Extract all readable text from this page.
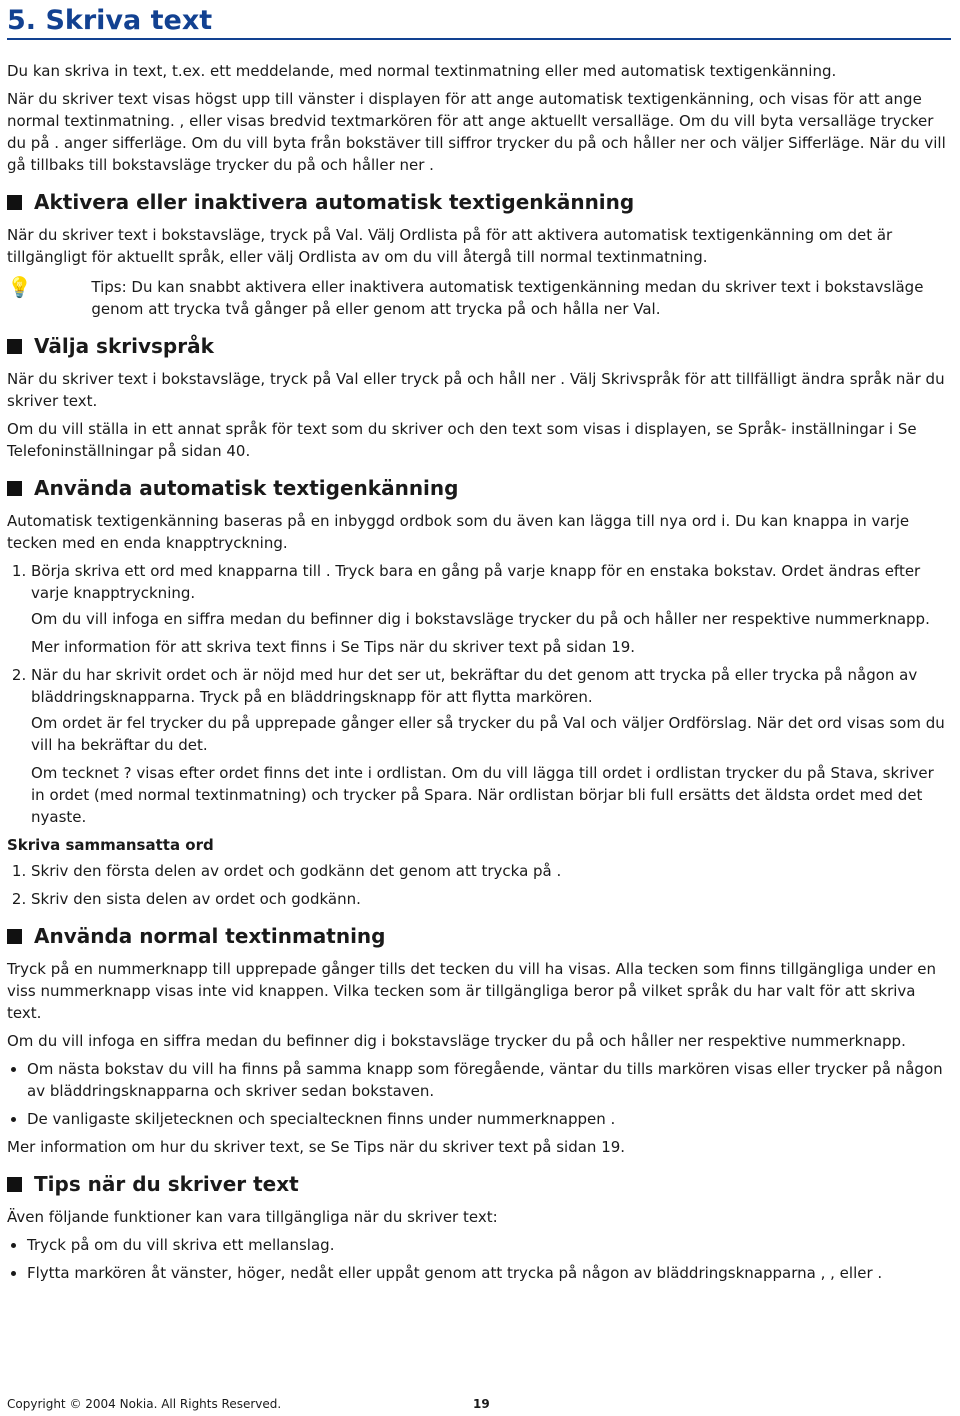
5. Skriva text

Du kan skriva in text, t.ex. ett meddelande, med normal textinmatning eller med automatisk textigenkänning.

När du skriver text visas högst upp till vänster i displayen för att ange automatisk textigenkänning, och visas för att ange normal textinmatning. , eller visas bredvid textmarkören för att ange aktuellt versalläge. Om du vill byta versalläge trycker du på . anger sifferläge. Om du vill byta från bokstäver till siffror trycker du på och håller ner och väljer Sifferläge. När du vill gå tillbaks till bokstavsläge trycker du på och håller ner .

Aktivera eller inaktivera automatisk textigenkänning

När du skriver text i bokstavsläge, tryck på Val. Välj Ordlista på för att aktivera automatisk textigenkänning om det är tillgängligt för aktuellt språk, eller välj Ordlista av om du vill återgå till normal textinmatning.

💡	Tips: Du kan snabbt aktivera eller inaktivera automatisk textigenkänning medan du skriver text i bokstavsläge genom att trycka två gånger på eller genom att trycka på och hålla ner Val.
Välja skrivspråk

När du skriver text i bokstavsläge, tryck på Val eller tryck på och håll ner . Välj Skrivspråk för att tillfälligt ändra språk när du skriver text.

Om du vill ställa in ett annat språk för text som du skriver och den text som visas i displayen, se Språk- inställningar i Se Telefoninställningar på sidan 40.

Använda automatisk textigenkänning

Automatisk textigenkänning baseras på en inbyggd ordbok som du även kan lägga till nya ord i. Du kan knappa in varje tecken med en enda knapptryckning.

1. Börja skriva ett ord med knapparna till . Tryck bara en gång på varje knapp för en enstaka bokstav. Ordet ändras efter varje knapptryckning.

Om du vill infoga en siffra medan du befinner dig i bokstavsläge trycker du på och håller ner respektive nummerknapp.

Mer information för att skriva text finns i Se Tips när du skriver text på sidan 19.

2. När du har skrivit ordet och är nöjd med hur det ser ut, bekräftar du det genom att trycka på eller trycka på någon av bläddringsknapparna. Tryck på en bläddringsknapp för att flytta markören.

Om ordet är fel trycker du på upprepade gånger eller så trycker du på Val och väljer Ordförslag. När det ord visas som du vill ha bekräftar du det.

Om tecknet ? visas efter ordet finns det inte i ordlistan. Om du vill lägga till ordet i ordlistan trycker du på Stava, skriver in ordet (med normal textinmatning) och trycker på Spara. När ordlistan börjar bli full ersätts det äldsta ordet med det nyaste.

Skriva sammansatta ord
1. Skriv den första delen av ordet och godkänn det genom att trycka på .
2. Skriv den sista delen av ordet och godkänn.
Använda normal textinmatning

Tryck på en nummerknapp till upprepade gånger tills det tecken du vill ha visas. Alla tecken som finns tillgängliga under en viss nummerknapp visas inte vid knappen. Vilka tecken som är tillgängliga beror på vilket språk du har valt för att skriva text.

Om du vill infoga en siffra medan du befinner dig i bokstavsläge trycker du på och håller ner respektive nummerknapp.

• Om nästa bokstav du vill ha finns på samma knapp som föregående, väntar du tills markören visas eller trycker på någon av bläddringsknapparna och skriver sedan bokstaven.
• De vanligaste skiljetecknen och specialtecknen finns under nummerknappen .

Mer information om hur du skriver text, se Se Tips när du skriver text på sidan 19.

Tips när du skriver text

Även följande funktioner kan vara tillgängliga när du skriver text:

• Tryck på om du vill skriva ett mellanslag.
• Flytta markören åt vänster, höger, nedåt eller uppåt genom att trycka på någon av bläddringsknapparna , , eller .
Copyright © 2004 Nokia. All Rights Reserved.	19
